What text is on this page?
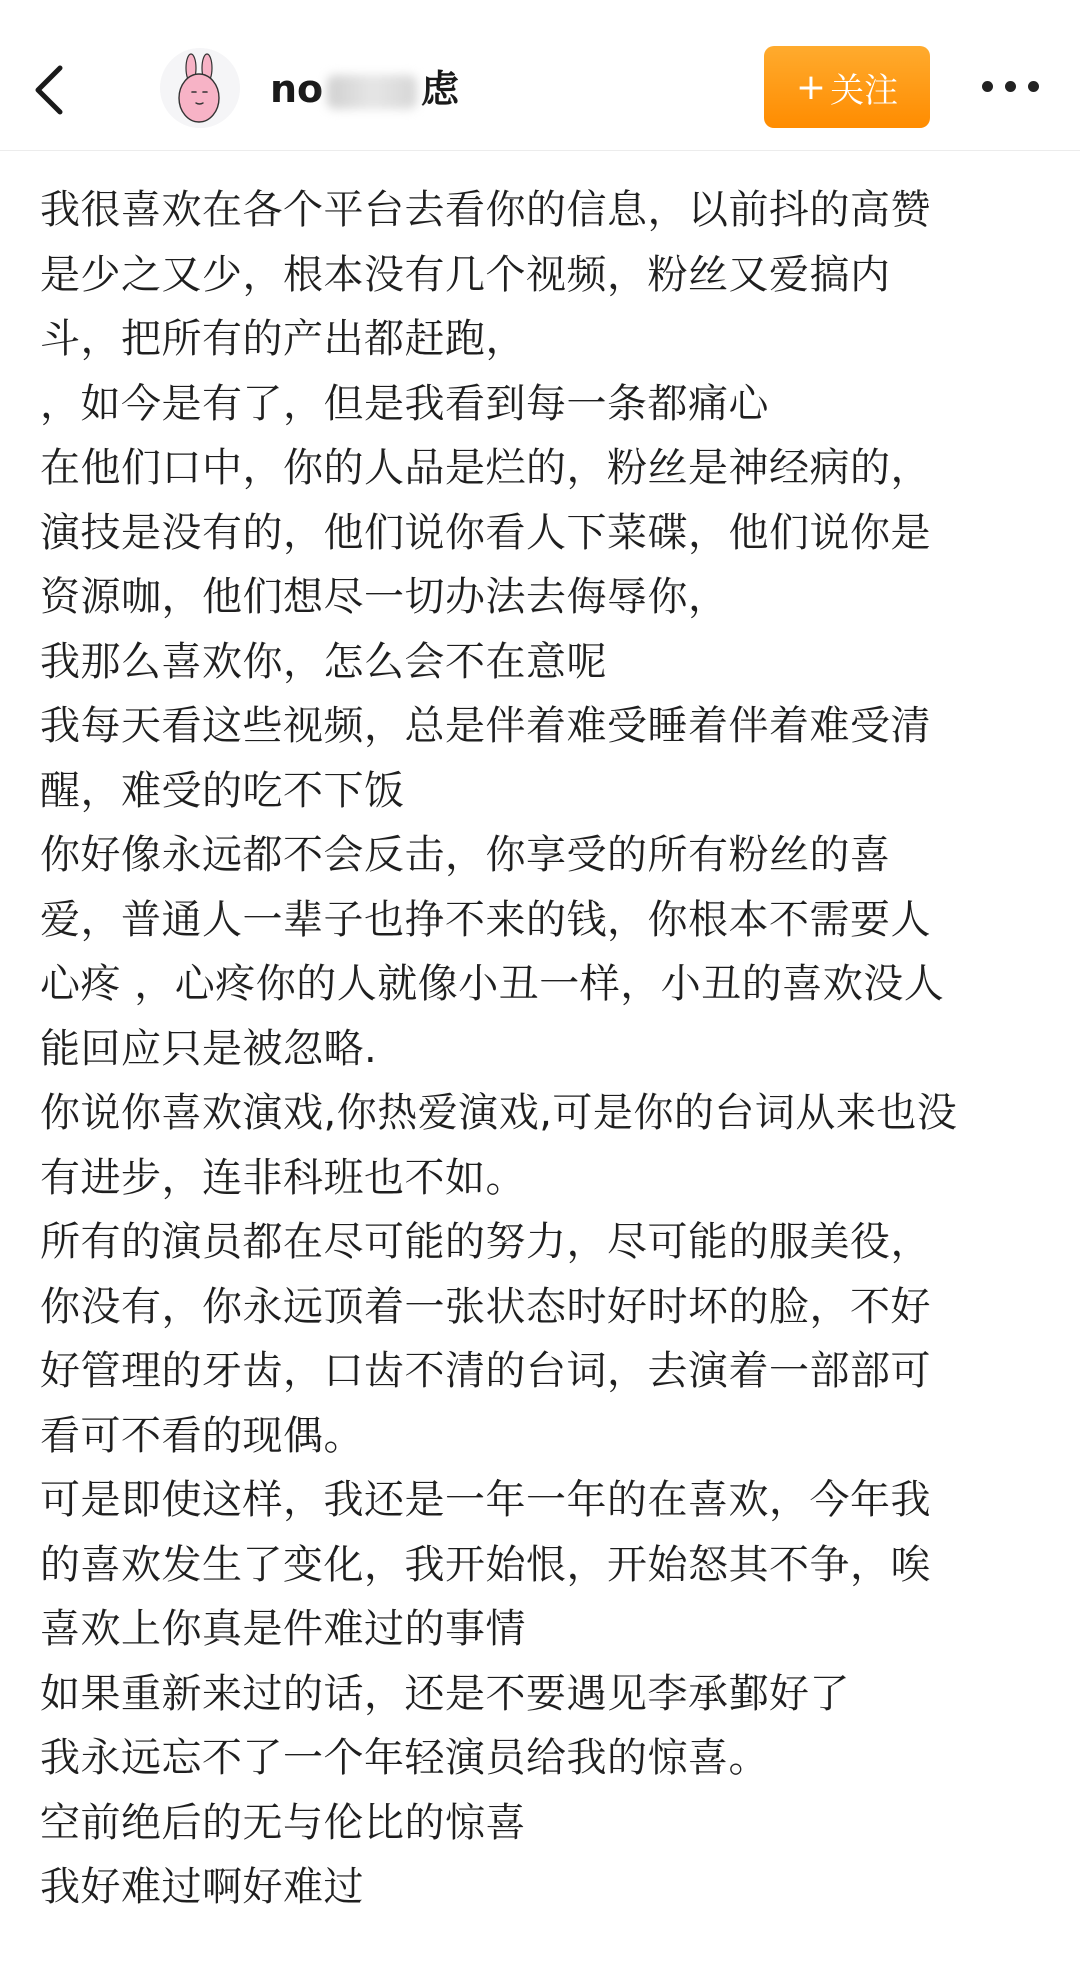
no	虑	+ 关注
我很喜欢在各个平台去看你的信息，以前抖的高赞
是少之又少，根本没有几个视频，粉丝又爱搞内
斗，把所有的产出都赶跑，
，如今是有了，但是我看到每一条都痛心
在他们口中，你的人品是烂的，粉丝是神经病的，
演技是没有的，他们说你看人下菜碟，他们说你是
资源咖，他们想尽一切办法去侮辱你，
我那么喜欢你，怎么会不在意呢
我每天看这些视频，总是伴着难受睡着伴着难受清
醒，难受的吃不下饭
你好像永远都不会反击，你享受的所有粉丝的喜
爱，普通人一辈子也挣不来的钱，你根本不需要人
心疼 ，心疼你的人就像小丑一样，小丑的喜欢没人
能回应只是被忽略.
你说你喜欢演戏,你热爱演戏,可是你的台词从来也没
有进步，连非科班也不如。
所有的演员都在尽可能的努力，尽可能的服美役，
你没有，你永远顶着一张状态时好时坏的脸，不好
好管理的牙齿，口齿不清的台词，去演着一部部可
看可不看的现偶。
可是即使这样，我还是一年一年的在喜欢，今年我
的喜欢发生了变化，我开始恨，开始怒其不争，唉
喜欢上你真是件难过的事情
如果重新来过的话，还是不要遇见李承鄞好了
我永远忘不了一个年轻演员给我的惊喜。
空前绝后的无与伦比的惊喜
我好难过啊好难过
